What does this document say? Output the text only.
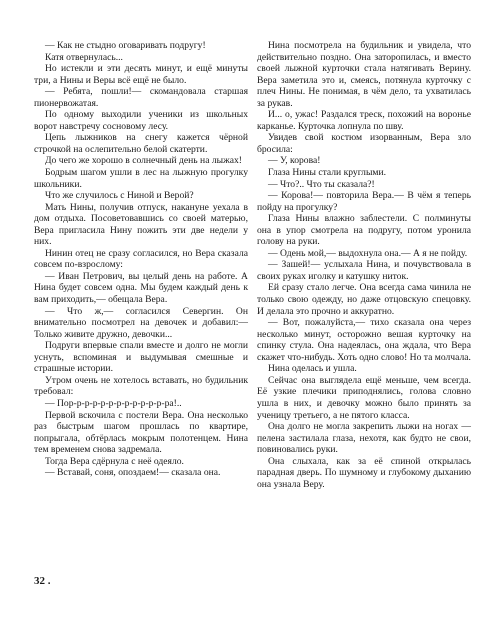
— Как не стыдно оговаривать подругу!

Катя отвернулась...

Но истекли и эти десять минут, и ещё минуты три, а Нины и Веры всё ещё не было.

— Ребята, пошли!— скомандовала старшая пионервожатая.

По одному выходили ученики из школьных ворот навстречу сосновому лесу.

Цепь лыжников на снегу кажется чёрной строчкой на ослепительно белой скатерти.

До чего же хорошо в солнечный день на лыжах!

Бодрым шагом ушли в лес на лыжную прогулку школьники.

Что же случилось с Ниной и Верой?

Мать Нины, получив отпуск, накануне уехала в дом отдыха. Посоветовавшись со своей матерью, Вера пригласила Нину пожить эти две недели у них.

Нинин отец не сразу согласился, но Вера сказала совсем по-взрослому:

— Иван Петрович, вы целый день на работе. А Нина будет совсем одна. Мы будем каждый день к вам приходить,— обещала Вера.

— Что ж,— согласился Севергин. Он внимательно посмотрел на девочек и добавил:— Только живите дружно, девочки...

Подруги впервые спали вместе и долго не могли уснуть, вспоминая и выдумывая смешные и страшные истории.

Утром очень не хотелось вставать, но будильник требовал:

— Пор-р-р-р-р-р-р-р-р-р-р-р-ра!..

Первой вскочила с постели Вера. Она несколько раз быстрым шагом прошлась по квартире, попрыгала, обтёрлась мокрым полотенцем. Нина тем временем снова задремала.

Тогда Вера сдёрнула с неё одеяло.

— Вставай, соня, опоздаем!— сказала она.

Нина посмотрела на будильник и увидела, что действительно поздно. Она заторопилась, и вместо своей лыжной курточки стала натягивать Верину. Вера заметила это и, смеясь, потянула курточку с плеч Нины. Не понимая, в чём дело, та ухватилась за рукав.

И... о, ужас! Раздался треск, похожий на воронье карканье. Курточка лопнула по шву.

Увидев свой костюм изорванным, Вера зло бросила:

— У, корова!

Глаза Нины стали круглыми.

— Что?.. Что ты сказала?!

— Корова!— повторила Вера.— В чём я теперь пойду на прогулку?

Глаза Нины влажно заблестели. С полминуты она в упор смотрела на подругу, потом уронила голову на руки.

— Одень мой,— выдохнула она.— А я не пойду.

— Зашей!— услыхала Нина, и почувствовала в своих руках иголку и катушку ниток.

Ей сразу стало легче. Она всегда сама чинила не только свою одежду, но даже отцовскую спецовку. И делала это прочно и аккуратно.

— Вот, пожалуйста,— тихо сказала она через несколько минут, осторожно вешая курточку на спинку стула. Она надеялась, она ждала, что Вера скажет что-нибудь. Хоть одно слово! Но та молчала.

Нина оделась и ушла.

Сейчас она выглядела ещё меньше, чем всегда. Её узкие плечики приподнялись, голова словно ушла в них, и девочку можно было принять за ученицу третьего, а не пятого класса.

Она долго не могла закрепить лыжи на ногах — пелена застилала глаза, нехотя, как будто не свои, повиновались руки.

Она слыхала, как за её спиной открылась парадная дверь. По шумному и глубокому дыханию она узнала Веру.

32 .
